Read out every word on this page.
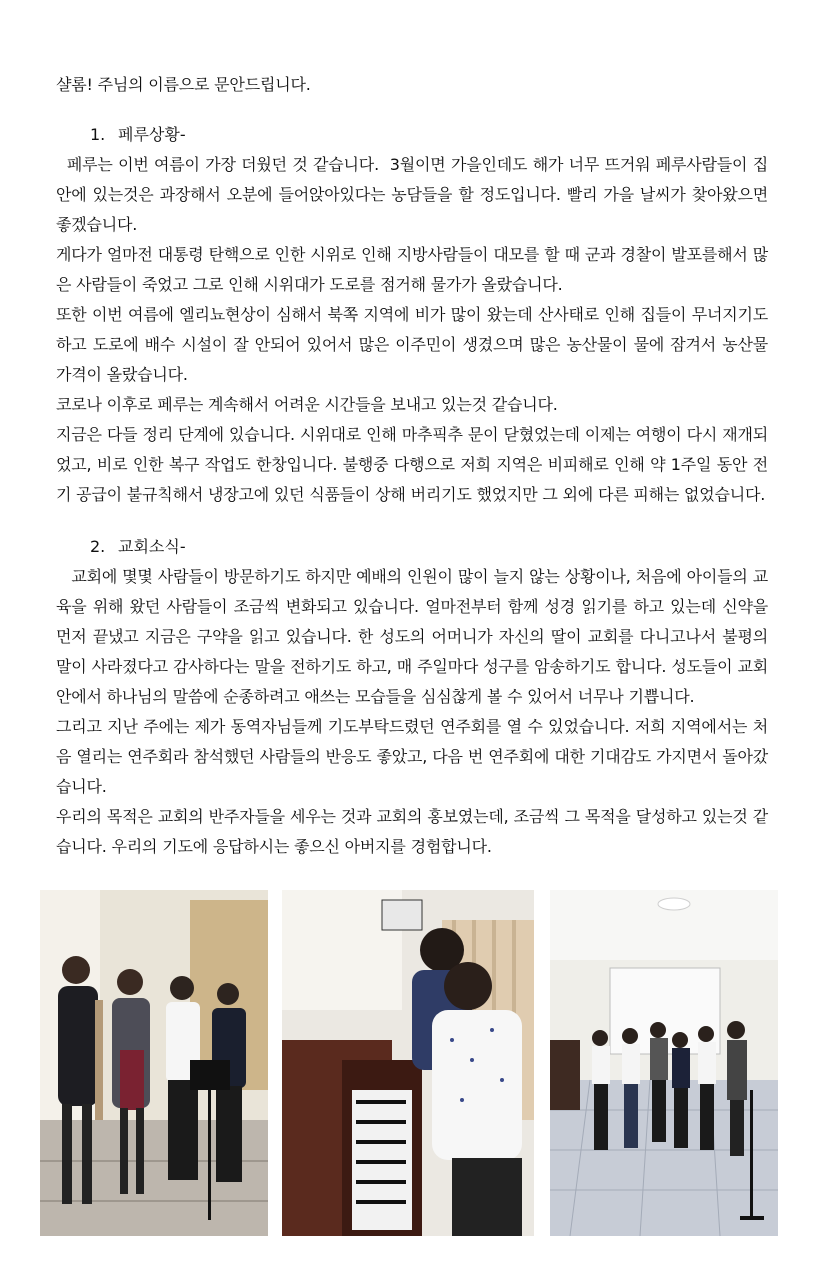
샬롬! 주님의 이름으로 문안드립니다.

1. 페루상황-

페루는 이번 여름이 가장 더웠던 것 같습니다.  3월이면 가을인데도 해가 너무 뜨거워 페루사람들이 집 안에 있는것은 과장해서 오분에 들어앉아있다는 농담들을 할 정도입니다. 빨리 가을 날씨가 찾아왔으면 좋겠습니다.

게다가 얼마전 대통령 탄핵으로 인한 시위로 인해 지방사람들이 대모를 할 때 군과 경찰이 발포를해서 많은 사람들이 죽었고 그로 인해 시위대가 도로를 점거해 물가가 올랐습니다.

또한 이번 여름에 엘리뇨현상이 심해서 북쪽 지역에 비가 많이 왔는데 산사태로 인해 집들이 무너지기도 하고 도로에 배수 시설이 잘 안되어 있어서 많은 이주민이 생겼으며 많은 농산물이 물에 잠겨서 농산물 가격이 올랐습니다.

코로나 이후로 페루는 계속해서 어려운 시간들을 보내고 있는것 같습니다.

지금은 다들 정리 단계에 있습니다. 시위대로 인해 마추픽추 문이 닫혔었는데 이제는 여행이 다시 재개되었고, 비로 인한 복구 작업도 한창입니다. 불행중 다행으로 저희 지역은 비피해로 인해 약 1주일 동안 전기 공급이 불규칙해서 냉장고에 있던 식품들이 상해 버리기도 했었지만 그 외에 다른 피해는 없었습니다.

2. 교회소식-

교회에 몇몇 사람들이 방문하기도 하지만 예배의 인원이 많이 늘지 않는 상황이나, 처음에 아이들의 교육을 위해 왔던 사람들이 조금씩 변화되고 있습니다. 얼마전부터 함께 성경 읽기를 하고 있는데 신약을 먼저 끝냈고 지금은 구약을 읽고 있습니다. 한 성도의 어머니가 자신의 딸이 교회를 다니고나서 불평의 말이 사라졌다고 감사하다는 말을 전하기도 하고, 매 주일마다 성구를 암송하기도 합니다. 성도들이 교회 안에서 하나님의 말씀에 순종하려고 애쓰는 모습들을 심심찮게 볼 수 있어서 너무나 기쁩니다.

그리고 지난 주에는 제가 동역자님들께 기도부탁드렸던 연주회를 열 수 있었습니다. 저희 지역에서는 처음 열리는 연주회라 참석했던 사람들의 반응도 좋았고, 다음 번 연주회에 대한 기대감도 가지면서 돌아갔습니다.

우리의 목적은 교회의 반주자들을 세우는 것과 교회의 홍보였는데, 조금씩 그 목적을 달성하고 있는것 같습니다. 우리의 기도에 응답하시는 좋으신 아버지를 경험합니다.
